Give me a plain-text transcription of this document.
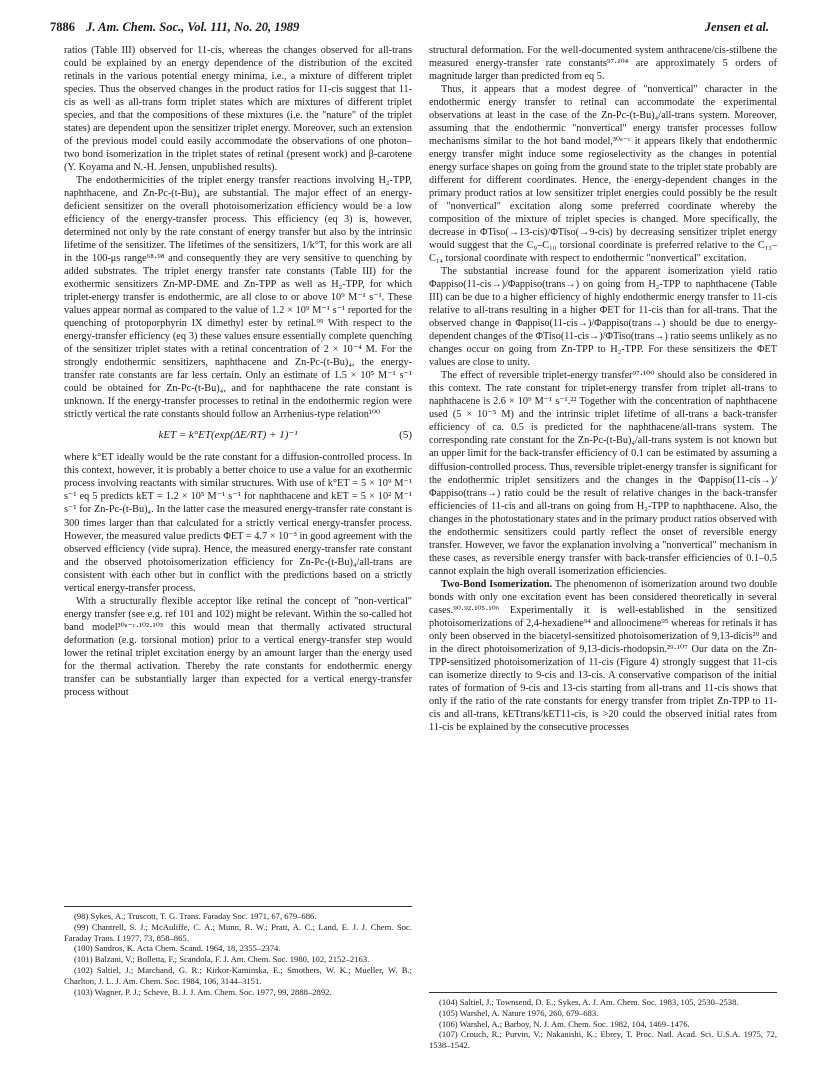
7886 J. Am. Chem. Soc., Vol. 111, No. 20, 1989	Jensen et al.

ratios (Table III) observed for 11-cis, whereas the changes observed for all-trans could be explained by an energy dependence of the distribution of the excited retinals in the various potential energy minima, i.e., a mixture of different triplet species. Thus the observed changes in the product ratios for 11-cis suggest that 11-cis as well as all-trans form triplet states which are mixtures of different triplet species, and that the compositions of these mixtures (i.e. the "nature" of the triplet states) are dependent upon the sensitizer triplet energy. Moreover, such an extension of the previous model could easily accommodate the observations of one photon–two bond isomerization in the triplet states of retinal (present work) and β-carotene (Y. Koyama and N.-H. Jensen, unpublished results).

The endothermicities of the triplet energy transfer reactions involving H₂-TPP, naphthacene, and Zn-Pc-(t-Bu)₄ are substantial. The major effect of an energy-deficient sensitizer on the overall photoisomerization efficiency would be a low efficiency of the energy-transfer process. This efficiency (eq 3) is, however, determined not only by the rate constant of energy transfer but also by the intrinsic lifetime of the sensitizer. The lifetimes of the sensitizers, 1/k°T, for this work are all in the 100-μs range⁶⁸·⁹⁸ and consequently they are very sensitive to quenching by added substrates. The triplet energy transfer rate constants (Table III) for the exothermic sensitizers Zn-MP-DME and Zn-TPP as well as H₂-TPP, for which triplet-energy transfer is endothermic, are all close to or above 10⁹ M⁻¹ s⁻¹. These values appear normal as compared to the value of 1.2 × 10⁹ M⁻¹ s⁻¹ reported for the quenching of protoporphyrin IX dimethyl ester by retinal.⁹⁹ With respect to the energy-transfer efficiency (eq 3) these values ensure essentially complete quenching of the sensitizer triplet states with a retinal concentration of 2 × 10⁻⁴ M. For the strongly endothermic sensitizers, naphthacene and Zn-Pc-(t-Bu)₄, the energy-transfer rate constants are far less certain. Only an estimate of 1.5 × 10⁵ M⁻¹ s⁻¹ could be obtained for Zn-Pc-(t-Bu)₄, and for naphthacene the rate constant is unknown. If the energy-transfer processes to retinal in the endothermic region were strictly vertical the rate constants should follow an Arrhenius-type relation¹⁰⁰

kET = k°ET(exp(ΔE/RT) + 1)⁻¹	(5)

where k°ET ideally would be the rate constant for a diffusion-controlled process. In this context, however, it is probably a better choice to use a value for an exothermic process involving reactants with similar structures. With use of k°ET = 5 × 10⁹ M⁻¹ s⁻¹ eq 5 predicts kET = 1.2 × 10⁵ M⁻¹ s⁻¹ for naphthacene and kET = 5 × 10² M⁻¹ s⁻¹ for Zn-Pc-(t-Bu)₄. In the latter case the measured energy-transfer rate constant is 300 times larger than that calculated for a strictly vertical energy-transfer process. However, the measured value predicts ΦET = 4.7 × 10⁻³ in good agreement with the observed efficiency (vide supra). Hence, the measured energy-transfer rate constant and the observed photoisomerization efficiency for Zn-Pc-(t-Bu)₄/all-trans are consistent with each other but in conflict with the predictions based on a strictly vertical energy-transfer process.

With a structurally flexible acceptor like retinal the concept of "non-vertical" energy transfer (see e.g. ref 101 and 102) might be relevant. Within the so-called hot band model³⁰ᵃ⁻ᶜ·¹⁰²·¹⁰³ this would mean that thermally activated structural deformation (e.g. torsional motion) prior to a vertical energy-transfer step would lower the retinal triplet excitation energy by an amount larger than the energy used for the thermal activation. Thereby the rate constants for endothermic energy transfer can be substantially larger than expected for a vertical energy-transfer process without

structural deformation. For the well-documented system anthracene/cis-stilbene the measured energy-transfer rate constants⁹⁷·¹⁰⁴ are approximately 5 orders of magnitude larger than predicted from eq 5.

Thus, it appears that a modest degree of "nonvertical" character in the endothermic energy transfer to retinal can accommodate the experimental observations at least in the case of the Zn-Pc-(t-Bu)₄/all-trans system. Moreover, assuming that the endothermic "nonvertical" energy transfer processes follow mechanisms similar to the hot band model,³⁰ᵃ⁻ᶜ it appears likely that endothermic energy transfer might induce some regioselectivity as the changes in potential energy surface shapes on going from the ground state to the triplet state probably are different for different coordinates. Hence, the energy-dependent changes in the primary product ratios at low sensitizer triplet energies could possibly be the result of "nonvertical" excitation along some preferred coordinate whereby the composition of the mixture of triplet species is changed. More specifically, the decrease in ΦTiso(→13-cis)/ΦTiso(→9-cis) by decreasing sensitizer triplet energy would suggest that the C₉–C₁₀ torsional coordinate is preferred relative to the C₁₃–C₁₄ torsional coordinate with respect to endothermic "nonvertical" excitation.

The substantial increase found for the apparent isomerization yield ratio Φappiso(11-cis→)/Φappiso(trans→) on going from H₂-TPP to naphthacene (Table III) can be due to a higher efficiency of highly endothermic energy transfer to 11-cis relative to all-trans resulting in a higher ΦET for 11-cis than for all-trans. That the observed change in Φappiso(11-cis→)/Φappiso(trans→) should be due to energy-dependent changes of the ΦTiso(11-cis→)/ΦTiso(trans→) ratio seems unlikely as no changes occur on going from Zn-TPP to H₂-TPP. For these sensitizers the ΦET values are close to unity.

The effect of reversible triplet-energy transfer⁹⁷·¹⁰⁰ should also be considered in this context. The rate constant for triplet-energy transfer from triplet all-trans to naphthacene is 2.6 × 10⁹ M⁻¹ s⁻¹.²² Together with the concentration of naphthacene used (5 × 10⁻⁵ M) and the intrinsic triplet lifetime of all-trans a back-transfer efficiency of ca. 0.5 is predicted for the naphthacene/all-trans system. The corresponding rate constant for the Zn-Pc-(t-Bu)₄/all-trans system is not known but an upper limit for the back-transfer efficiency of 0.1 can be estimated by assuming a diffusion-controlled process. Thus, reversible triplet-energy transfer is significant for the endothermic triplet sensitizers and the changes in the Φappiso(11-cis→)/Φappiso(trans→) ratio could be the result of relative changes in the back-transfer efficiencies of 11-cis and all-trans on going from H₂-TPP to naphthacene. Also, the changes in the photostationary states and in the primary product ratios observed with the endothermic sensitizers could partly reflect the onset of reversible energy transfer. However, we favor the explanation involving a "nonvertical" mechanism in these cases, as reversible energy transfer with back-transfer efficiencies of 0.1–0.5 cannot explain the high overall isomerization efficiencies.

Two-Bond Isomerization. The phenomenon of isomerization around two double bonds with only one excitation event has been considered theoretically in several cases.⁹⁰·⁹²·¹⁰⁵·¹⁰⁶ Experimentally it is well-established in the sensitized photoisomerizations of 2,4-hexadiene⁹⁴ and alloocimene⁹⁵ whereas for retinals it has only been observed in the biacetyl-sensitized photoisomerization of 9,13-dicis²⁹ and in the direct photoisomerization of 9,13-dicis-rhodopsin.²⁹·¹⁰⁷ Our data on the Zn-TPP-sensitized photoisomerization of 11-cis (Figure 4) strongly suggest that 11-cis can isomerize directly to 9-cis and 13-cis. A conservative comparison of the initial rates of formation of 9-cis and 13-cis starting from all-trans and 11-cis shows that only if the ratio of the rate constants for energy transfer from triplet Zn-TPP to 11-cis and all-trans, kETtrans/kET11-cis, is >20 could the observed initial rates from 11-cis be explained by the consecutive processes

(98) Sykes, A.; Truscott, T. G. Trans. Faraday Soc. 1971, 67, 679–686.
(99) Chantrell, S. J.; McAuliffe, C. A.; Munn, R. W.; Pratt, A. C.; Land, E. J. J. Chem. Soc. Faraday Trans. I 1977, 73, 858–865.
(100) Sandros, K. Acta Chem. Scand. 1964, 18, 2355–2374.
(101) Balzani, V.; Bolletta, F.; Scandola, F. J. Am. Chem. Soc. 1980, 102, 2152–2163.
(102) Saltiel, J.; Marchand, G. R.; Kirkor-Kaminska, E.; Smothers, W. K.; Mueller, W. B.; Charlton, J. L. J. Am. Chem. Soc. 1984, 106, 3144–3151.
(103) Wagner, P. J.; Scheve, B. J. J. Am. Chem. Soc. 1977, 99, 2888–2892.
(104) Saltiel, J.; Townsend, D. E.; Sykes, A. J. Am. Chem. Soc. 1983, 105, 2530–2538.
(105) Warshel, A. Nature 1976, 260, 679–683.
(106) Warshel, A.; Barboy, N. J. Am. Chem. Soc. 1982, 104, 1469–1476.
(107) Crouch, R.; Purvin, V.; Nakanishi, K.; Ebrey, T. Proc. Natl. Acad. Sci. U.S.A. 1975, 72, 1538–1542.
